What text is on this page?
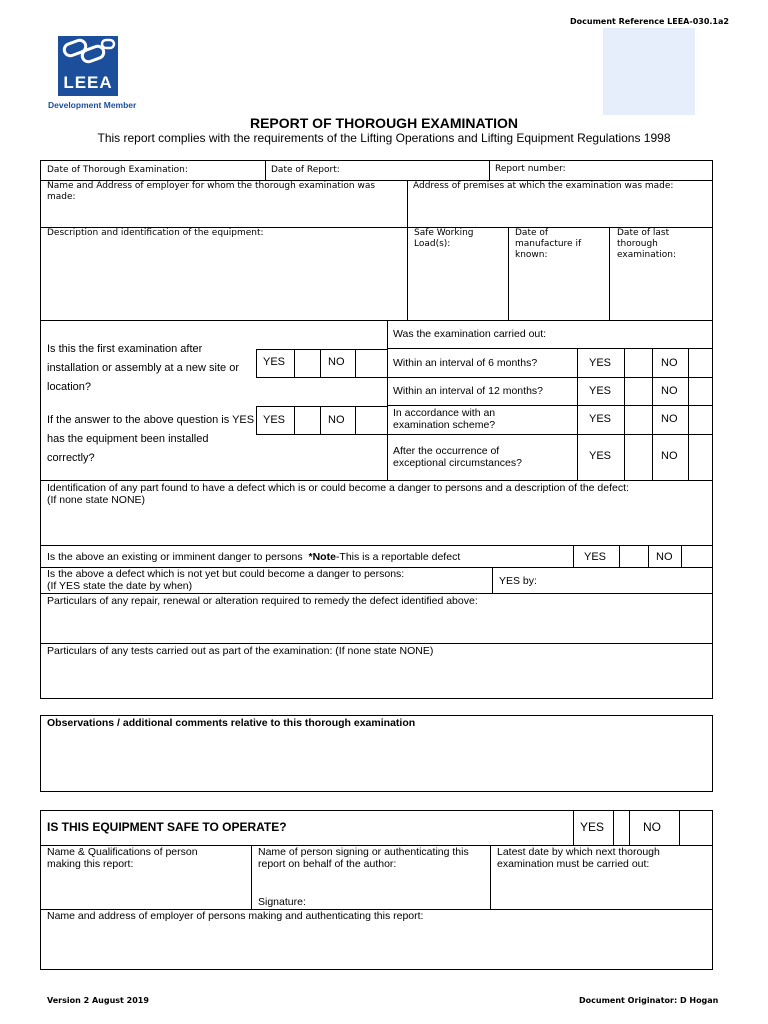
Document Reference LEEA-030.1a2
LEEA
Development Member
REPORT OF THOROUGH EXAMINATION
This report complies with the requirements of the Lifting Operations and Lifting Equipment Regulations 1998
Date of Thorough Examination:	Date of Report:	Report number:
Name and Address of employer for whom the thorough examination was made:
Address of premises at which the examination was made:
Description and identification of the equipment:	Safe Working Load(s):
Date of manufacture if known:
Date of last thorough examination:
Is this the first examination after installation or assembly at a new site or location?
YES	NO
If the answer to the above question is YES has the equipment been installed correctly?
YES	NO
Was the examination carried out:
Within an interval of 6 months?	YES	NO
Within an interval of 12 months?	YES	NO
In accordance with an examination scheme?	YES	NO
After the occurrence of exceptional circumstances?
YES	NO
Identification of any part found to have a defect which is or could become a danger to persons and a description of the defect:
(If none state NONE)
Is the above an existing or imminent danger to persons *Note-This is a reportable defect	YES	NO
Is the above a defect which is not yet but could become a danger to persons:
(If YES state the date by when)	YES by:
Particulars of any repair, renewal or alteration required to remedy the defect identified above:
Particulars of any tests carried out as part of the examination: (If none state NONE)
Observations / additional comments relative to this thorough examination
IS THIS EQUIPMENT SAFE TO OPERATE?	YES	NO
Name & Qualifications of person making this report:
Name of person signing or authenticating this report on behalf of the author:
Signature:
Latest date by which next thorough examination must be carried out:
Name and address of employer of persons making and authenticating this report:
Version 2 August 2019	Document Originator: D Hogan
